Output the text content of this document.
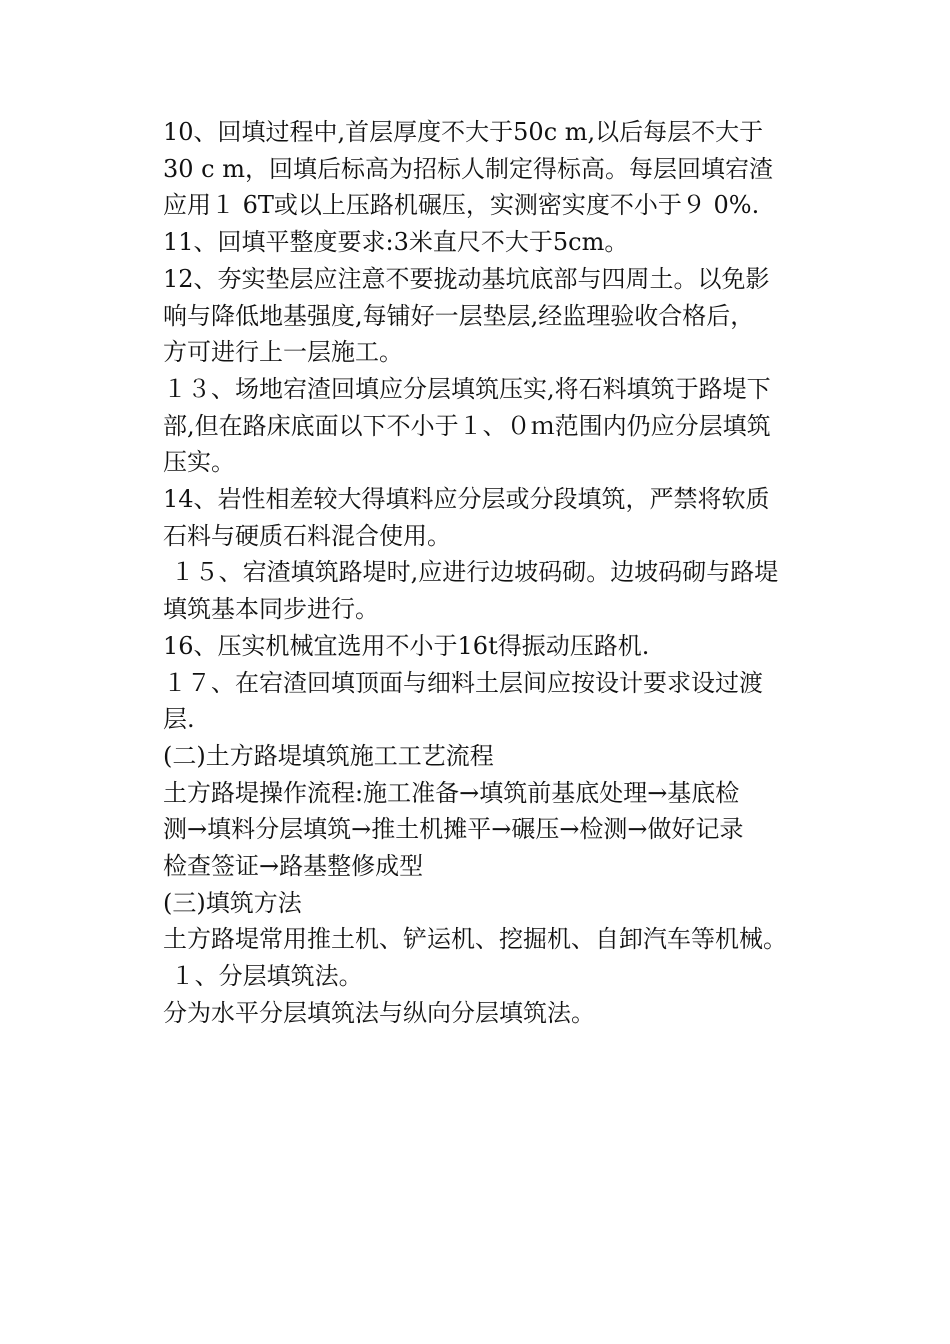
10、回填过程中,首层厚度不大于50c m,以后每层不大于
30 c m，回填后标高为招标人制定得标高。每层回填宕渣
应用１ 6T或以上压路机碾压，实测密实度不小于９ 0%.
11、回填平整度要求:3米直尺不大于5cm。
12、夯实垫层应注意不要拢动基坑底部与四周土。以免影
响与降低地基强度,每铺好一层垫层,经监理验收合格后，
方可进行上一层施工。
１３、场地宕渣回填应分层填筑压实,将石料填筑于路堤下
部,但在路床底面以下不小于１、０ｍ范围内仍应分层填筑
压实。
14、岩性相差较大得填料应分层或分段填筑，严禁将软质
石料与硬质石料混合使用。
１５、宕渣填筑路堤时,应进行边坡码砌。边坡码砌与路堤
填筑基本同步进行。
16、压实机械宜选用不小于16t得振动压路机.
１７、在宕渣回填顶面与细料土层间应按设计要求设过渡
层.
(二)土方路堤填筑施工工艺流程
土方路堤操作流程:施工准备→填筑前基底处理→基底检
测→填料分层填筑→推土机摊平→碾压→检测→做好记录
检查签证→路基整修成型
(三)填筑方法
土方路堤常用推土机、铲运机、挖掘机、自卸汽车等机械。
１、分层填筑法。
分为水平分层填筑法与纵向分层填筑法。
